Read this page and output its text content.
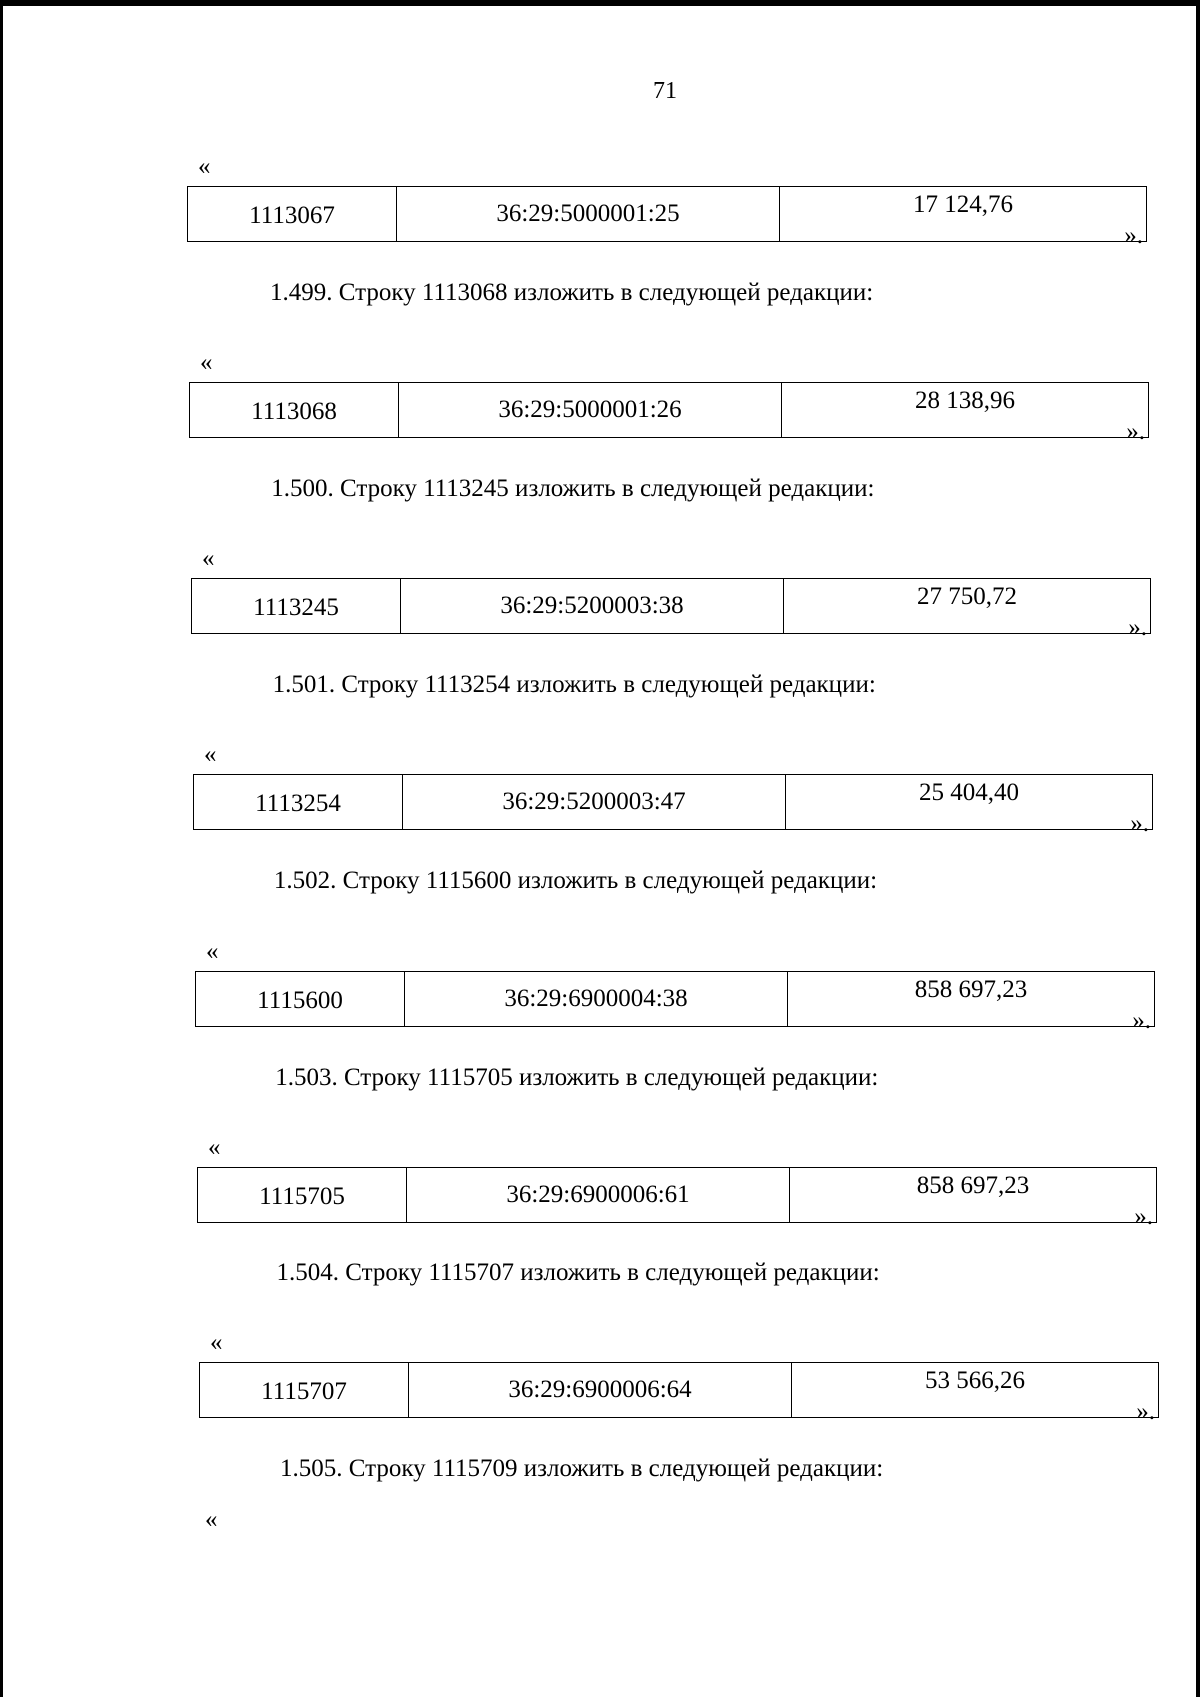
71
«
1113067	36:29:5000001:25	17 124,76
».
1.499. Строку 1113068 изложить в следующей редакции:
«
1113068	36:29:5000001:26	28 138,96
».
1.500. Строку 1113245 изложить в следующей редакции:
«
1113245	36:29:5200003:38	27 750,72
».
1.501. Строку 1113254 изложить в следующей редакции:
«
1113254	36:29:5200003:47	25 404,40
».
1.502. Строку 1115600 изложить в следующей редакции:
«
1115600	36:29:6900004:38	858 697,23
».
1.503. Строку 1115705 изложить в следующей редакции:
«
1115705	36:29:6900006:61	858 697,23
».
1.504. Строку 1115707 изложить в следующей редакции:
«
1115707	36:29:6900006:64	53 566,26
».
1.505. Строку 1115709 изложить в следующей редакции:
«
